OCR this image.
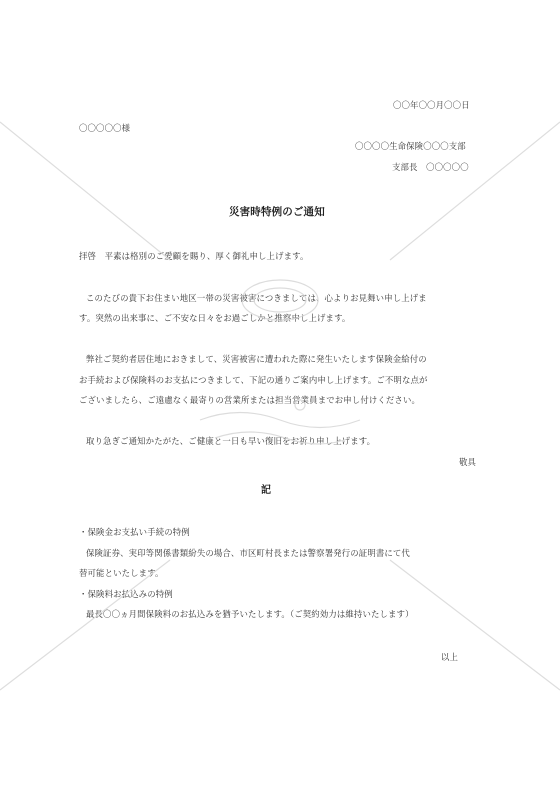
〇〇年〇〇月〇〇日
〇〇〇〇〇様
〇〇〇〇生命保険〇〇〇支部
支部長　〇〇〇〇〇
災害時特例のご通知
拝啓　平素は格別のご愛顧を賜り、厚く御礼申し上げます。
このたびの貴下お住まい地区一帯の災害被害につきましては、心よりお見舞い申し上げま
す。突然の出来事に、ご不安な日々をお過ごしかと推察申し上げます。
弊社ご契約者居住地におきまして、災害被害に遭われた際に発生いたします保険金給付の
お手続および保険料のお支払につきまして、下記の通りご案内申し上げます。ご不明な点が
ございましたら、ご遠慮なく最寄りの営業所または担当営業員までお申し付けください。
取り急ぎご通知かたがた、ご健康と一日も早い復旧をお祈り申し上げます。
敬具
記
・保険金お支払い手続の特例
保険証券、実印等関係書類紛失の場合、市区町村長または警察署発行の証明書にて代
替可能といたします。
・保険料お払込みの特例
最長〇〇ヵ月間保険料のお払込みを猶予いたします。（ご契約効力は維持いたします）
以上
